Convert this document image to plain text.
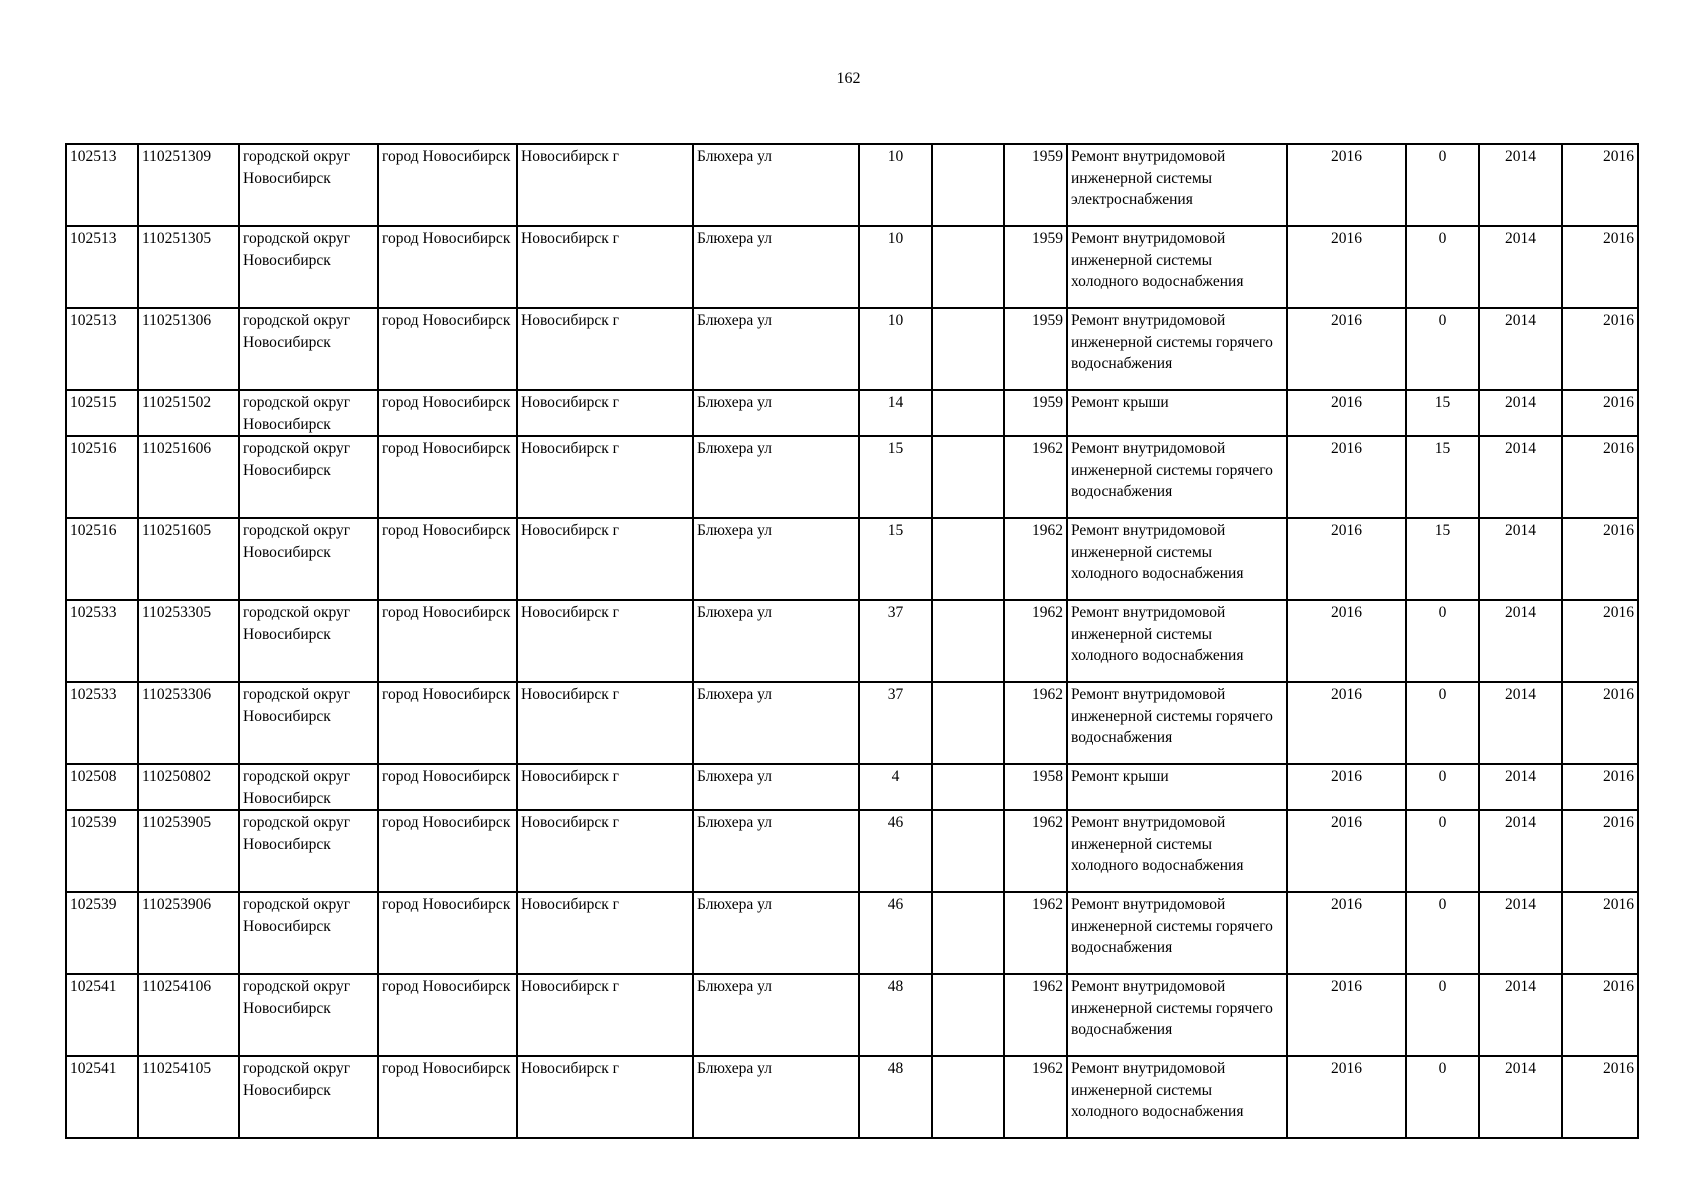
162
102513	110251309	городской округ Новосибирск	город Новосибирск	Новосибирск г	Блюхера ул	10		1959	Ремонт внутридомовой инженерной системы электроснабжения	2016	0	2014	2016
102513	110251305	городской округ Новосибирск	город Новосибирск	Новосибирск г	Блюхера ул	10		1959	Ремонт внутридомовой инженерной системы холодного водоснабжения	2016	0	2014	2016
102513	110251306	городской округ Новосибирск	город Новосибирск	Новосибирск г	Блюхера ул	10		1959	Ремонт внутридомовой инженерной системы горячего водоснабжения	2016	0	2014	2016
102515	110251502	городской округ Новосибирск	город Новосибирск	Новосибирск г	Блюхера ул	14		1959	Ремонт крыши	2016	15	2014	2016
102516	110251606	городской округ Новосибирск	город Новосибирск	Новосибирск г	Блюхера ул	15		1962	Ремонт внутридомовой инженерной системы горячего водоснабжения	2016	15	2014	2016
102516	110251605	городской округ Новосибирск	город Новосибирск	Новосибирск г	Блюхера ул	15		1962	Ремонт внутридомовой инженерной системы холодного водоснабжения	2016	15	2014	2016
102533	110253305	городской округ Новосибирск	город Новосибирск	Новосибирск г	Блюхера ул	37		1962	Ремонт внутридомовой инженерной системы холодного водоснабжения	2016	0	2014	2016
102533	110253306	городской округ Новосибирск	город Новосибирск	Новосибирск г	Блюхера ул	37		1962	Ремонт внутридомовой инженерной системы горячего водоснабжения	2016	0	2014	2016
102508	110250802	городской округ Новосибирск	город Новосибирск	Новосибирск г	Блюхера ул	4		1958	Ремонт крыши	2016	0	2014	2016
102539	110253905	городской округ Новосибирск	город Новосибирск	Новосибирск г	Блюхера ул	46		1962	Ремонт внутридомовой инженерной системы холодного водоснабжения	2016	0	2014	2016
102539	110253906	городской округ Новосибирск	город Новосибирск	Новосибирск г	Блюхера ул	46		1962	Ремонт внутридомовой инженерной системы горячего водоснабжения	2016	0	2014	2016
102541	110254106	городской округ Новосибирск	город Новосибирск	Новосибирск г	Блюхера ул	48		1962	Ремонт внутридомовой инженерной системы горячего водоснабжения	2016	0	2014	2016
102541	110254105	городской округ Новосибирск	город Новосибирск	Новосибирск г	Блюхера ул	48		1962	Ремонт внутридомовой инженерной системы холодного водоснабжения	2016	0	2014	2016
